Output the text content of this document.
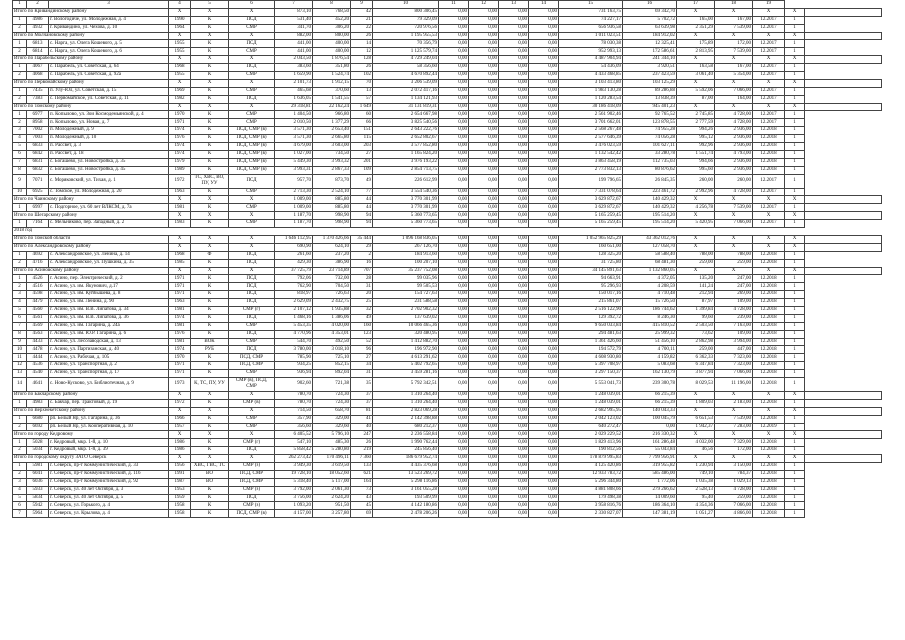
1	2	3	4	5	6	7	8	9	10	11	12	13	14	15	16	17	18	19		
Итого по Кривандинскому району			X	X	X	873,10	768,50	42	800 306,45	0,00	0,00	0,00	0,00	731 163,75	69 342,70	X	X	X	X	
1	4986	г. Вологодиче, ул. Молодежная, д. 4	1990	К	ПСД	531,40	452,20	21	79 329,09	0,00	0,00	0,00	0,00	74 227,17	5 702,72	165,00	167,00	12.2017	1	
2	4932	г. Кривандино, ул. Чехова, д. 10	1964	К	СМР	341,70	306,20	22	720 976,56	0,00	0,00	0,00	0,00	656 936,58	63 639,98	2 351,29	7 539,00	12.2017	1	
Итого по Молчановскому району			X	X	X	882,00	800,00	26	1 195 955,53	0,00	0,00	0,00	0,00	1 011 023,51	184 912,02	X	X	X	X	
1	6813	с. Нарга, ул. Олега Кошевого, д. 5	1955	К	ПСД	441,00	400,00	14	70 356,79	0,00	0,00	0,00	0,00	78 030,38	12 325,41	175,89	172,00	12.2017	1	
2	6814	с. Нарга, ул. Олега Кошевого, д. 6	1955	К	СМР	441,00	400,00	12	1 125 579,74	0,00	0,00	0,00	0,00	952 993,13	172 586,61	2 813,95	7 539,00	12.2017	1	
Итого по Парабельскому району			X	X	X	2 043,50	1 876,54	128	4 729 249,04	0,00	0,00	0,00	0,00	4 487 904,94	241 344,10	X	X	X	X	
1	4067	с. Парабель, ул. Советская, д. 64	1968	К	ПСД	383,60	351,80	26	58 356,60	0,00	0,00	0,00	0,00	54 436,09	3 920,51	163,58	167,00	12.2017	1	
2	4068	с. Парабель, ул. Советская, д. 92а	1955	К	СМР	1 659,90	1 524,74	102	4 670 892,44	0,00	0,00	0,00	0,00	4 433 468,85	237 423,59	3 061,40	5 354,00	12.2017	1	
Итого по Первомайскому району			X	X	X	2 101,73	1 912,15	70	3 206 539,09	0,00	0,00	0,00	0,00	3 103 413,80	103 125,29	X	X	X	X	
1	7435	п. Улу-Юл, ул. Советская, д. 15	1969	К	СМР	465,68	370,60	13	2 072 417,16	0,00	0,00	0,00	0,00	1 983 130,28	89 286,88	5 592,06	7 066,00	12.2017	1	
2	7383	с. Первомайское, ул. Советская, д. 11	1982	К	ПСД	1 636,05	1 541,55	57	1 134 121,93	0,00	0,00	0,00	0,00	1 120 283,54	13 838,39	87,00	164,00	12.2017	1	
Итого по Томскому району			X	X	X	29 318,81	22 162,24	1 649	31 131 819,31	0,00	0,00	0,00	0,00	30 186 418,09	945 401,23	X	X	X	X	
1	6977	п. Копылово, ул. Зои Космодемьянской, д. 4	1970	К	СМР	1 404,50	966,80	60	2 654 667,98	0,00	0,00	0,00	0,00	2 561 902,46	92 765,52	2 745,85	4 728,00	12.2017	1	
2	8958	п. Копылово, ул. Новая, д. 7	1971	К	СМР	2 010,50	1 377,29	66	3 825 540,56	0,00	0,00	0,00	0,00	3 701 662,01	123 878,55	2 777,59	4 728,00	12.2017	1	
3	7002	п. Молодежный, д. 9	1974	К	ПСД, СМР (в)	3 571,30	2 653,40	151	2 643 222,76	0,00	0,00	0,00	0,00	2 568 267,48	74 955,28	994,26	2 936,00	12.2018	1	
4	7003	п. Молодежный, д. 10	1976	К	ПСД, СМР (в)	3 571,30	2 665,80	115	2 652 802,67	0,00	0,00	0,00	0,00	2 577 646,39	74 056,28	995,12	2 936,00	12.2018	1	
5	6833	п. Рассвет, д. 3	1974	К	ПСД, СМР (в)	4 679,00	3 603,00	203	3 577 852,80	0,00	0,00	0,00	0,00	3 476 023,59	101 627,11	992,96	2 936,00	12.2018	1	
6	6842	п. Рассвет, д. 18	1974	К	ПСД, СМР (в)	1 027,00	734,50	27	1 165 824,20	0,00	0,00	0,00	0,00	1 132 542,42	33 280,78	1 551,74	4 793,00	12.2018	1	
7	6831	с. Богашево, ул. Новостройка, д. 35	1979	К	ПСД, СМР (в)	5 449,30	3 993,32	201	3 976 193,22	0,00	0,00	0,00	0,00	3 863 458,19	112 735,03	994,66	2 936,00	12.2018	1	
8	6832	с. Богашево, ул. Новостройка, д. 45	1989	К	ПСД, СМР (в)	3 993,31	2 867,33	109	2 854 713,75	0,00	0,00	0,00	0,00	2 773 832,13	80 876,62	995,60	2 936,00	12.2018	1	
9	7071	с. Моряковский, ул. Тихая, д. 1	1972	ТС, ХВС, ВО, ПУ, УУ	ПСД	957,70	873,70	49	226 612,99	0,00	0,00	0,00	0,00	199 796,65	26 845,35	260,00	260,00	12.2017	1	
10	6925	с. Томское, ул. Молодежная, д. 20	1963	К	СМР	2 713,30	2 524,10	77	3 554 540,36	0,00	0,00	0,00	0,00	7 331 078,64	223 461,72	2 992,96	4 728,00	12.2017	1	
Итого по Чаинскому району			X	X	X	1 009,00	885,80	44	3 770 301,99	0,00	0,00	0,00	0,00	3 629 872,67	140 429,32	X	X	X	X	
1	6997	с. Подгорное, ул. 60 лет ВЛКСМ, д. 7а	1981	К	СМР	1 009,00	885,80	44	3 770 301,99	0,00	0,00	0,00	0,00	3 629 872,67	140 429,32	4 256,78	7 539,00	12.2017	1	
Итого по Шегарскому району			X	X	X	1 187,70	998,90	94	5 360 773,65	0,00	0,00	0,00	0,00	5 165 259,45	195 514,20	X	X	X	X	
1	7164	с. Мельниково, пер. Западный, д. 2	1983	К	СМР	1 187,70	998,90	94	5 360 773,65	0,00	0,00	0,00	0,00	5 165 259,45	195 514,20	5 420,95	7 066,00	12.2017	1	
2018 год																				
Итого по Томской области			X	X	X	1 646 112,95	1 370 426,66	35 444	1 096 168 836,05	0,00	0,00	0,00	0,00	1 052 965 825,29	43 362 012,76	X	X	X	X	
Итого по Александровскому району			X	X	X	690,90	624,10	29	267 126,70	0,00	0,00	0,00	0,00	160 651,00	127 058,70	X	X	X	X	
1	4692	с. Александровское, ул. Ленина, д. 14	1968	Ф	ПСД	261,60	237,20	2	184 913,60	0,00	0,00	0,00	0,00	128 325,20	58 588,40	788,00	788,00	12.2018	1	
2	4716	с. Александровское, ул. Пушкина, д. 35	1985	К	ПСД	429,30	386,90	16	100 207,10	0,00	0,00	0,00	0,00	31 725,80	68 481,30	259,00	259,00	12.2018	1	
Итого по Асиновскому району			X	X	X	37 725,79	23 714,89	707	35 237 752,08	0,00	0,00	0,00	0,00	34 145 891,63	1 132 860,05	X	X	X	X	
1	4526	г. Асино, пер. Электрический, д. 2	1971	К	ПСД	792,06	732,00	28	99 035,96	0,00	0,00	0,00	0,00	94 663,91	4 372,05	135,20	247,00	12.2018	1	
2	4516	г. Асино, ул. им. Якунович, д.17	1971	К	ПСД	762,90	704,50	31	99 505,53	0,00	0,00	0,00	0,00	95 296,93	4 208,59	141,24	247,00	12.2018	1	
3	4598	г. Асино, ул. им. Куйбышева, д. 8	1971	К	ПСД	818,97	726,63	20	154 727,63	0,00	0,00	0,00	0,00	150 017,16	4 710,48	212,94	269,00	12.2018	1	
4	4479	г. Асино, ул. им. Ленина, д. 90	1963	К	ПСД	2 629,09	2 432,75	25	231 588,58	0,00	0,00	0,00	0,00	215 861,07	15 726,50	87,97	109,00	12.2018	1	
5	4560	г. Асино, ул. им. В.В. Липатова, д. 34	1981	К	СМР (г)	2 107,12	1 935,88	32	2 702 902,32	0,00	0,00	0,00	0,00	2 516 122,90	186 744,62	1 399,84	4 728,00	12.2018	1	
6	4561	г. Асино, ул. им. В.В. Липатова, д. 36	1974	К	ПСД	1 468,16	1 386,06	49	137 639,02	0,00	0,00	0,00	0,00	129 392,72	8 246,30	99,60	239,00	12.2018	1	
7	4569	г. Асино, ул. им. Гагарина, д. 24а	1981	К	СМР	5 453,35	4 020,00	160	10 066 465,36	0,00	0,00	0,00	0,00	9 650 033,84	415 810,52	2 503,50	7 163,00	12.2018	1	
8	4563	г. Асино, ул. им. Ю.Р. Гагарина, д. 6	1976	К	ПСД	4 770,96	4 353,01	123	320 480,95	0,00	0,00	0,00	0,00	294 481,63	25 999,32	73,62	109,00	12.2018	1	
9	4433	г. Асино, ул. Лесозаводская, д. 13	1981	ВОК	СМР	544,70	492,50	52	1 412 882,70	0,00	0,00	0,00	0,00	1 361 426,60	51 456,10	2 862,98	3 994,00	12.2018	1	
10	4478	г. Асино, ул. Партизанская, д. 40	1974	РУБ	ПСД	3 780,00	3 018,10	96	196 972,90	0,00	0,00	0,00	0,00	194 572,79	4 700,11	259,00	447,00	12.2018	1	
11	4444	г. Асино, ул. Рабочая, д. 105	1970	К	ПСД, СМР	785,90	725,10	27	4 613 291,62	0,00	0,00	0,00	0,00	4 608 930,80	4 159,82	6 362,33	7 323,00	12.2018	1	
12	4536	г. Асино, ул. Транспортная, д. 2	1971	К	ПСД, СМР	934,25	852,15	34	5 402 792,65	0,00	0,00	0,00	0,00	5 397 708,97	5 083,68	6 347,84	7 323,00	12.2018	1	
13	4540	г. Асино, ул. Транспортная, д. 17	1971	К	СМР	936,94	892,04	31	3 459 281,16	0,00	0,00	0,00	0,00	3 297 150,37	162 130,79	3 877,94	7 066,00	12.2018	1	
14	4641	с. Ново-Кусково, ул. Библиотечная, д. 9	1973	К, ТС, ПУ, УУ	СМР (в), ПСД, СМР	902,60	721,38	35	5 792 342,51	0,00	0,00	0,00	0,00	5 553 041,73	239 300,78	8 029,53	11 196,00	12.2018	1	
Итого по Бакчарскому району			X	X	X	780,70	724,30	37	1 310 264,40	0,00	0,00	0,00	0,00	1 248 039,01	66 215,39	X	X	X	X	
1	4983	с. Бакчар, пер. Трактовый, д. 19	1972	К	СМР (в)	780,70	724,30	37	1 310 264,40	0,00	0,00	0,00	0,00	1 248 039,01	66 215,39	1 809,03	2 183,00	12.2018	1	
Итого по Верхнекетскому району			X	X	X	714,50	658,70	81	2 823 069,28	0,00	0,00	0,00	0,00	2 682 995,95	140 043,33	X	X	X	X	
1	6680	рп. Белый Яр, ул. Гагарина, д. 36	1966	К	СМР	357,90	329,00	41	2 142 398,88	0,00	0,00	0,00	0,00	2 042 123,02	100 045,79	6 651,53	7 539,00	12.2018	1	
2	6692	рп. Белый Яр, ул. Кооперативная, д. 10	1957	К	СМР	356,60	329,60	40	680 212,37	0,00	0,00	0,00	0,00	640 272,47	0,00	1 942,37	7 283,00	12.2019	1	
Итого по городу Кедровому			X	X	X	6 405,52	5 796,10	247	2 236 558,84	0,00	0,00	0,00	0,00	2 029 229,52	216 330,32	X	X	X	X	
1	5028	г. Кедровый, мкр. 1-й, д. 10	1986	К	СМР (г)	547,10	485,30	26	1 990 762,44	0,00	0,00	0,00	0,00	1 829 413,96	161 286,48	4 032,00	7 329,00	12.2018	1	
2	5034	г. Кедровый, мкр. 1-й, д. 39	1986	К	ПСД	5 858,42	5 280,80	219	245 856,40	0,00	0,00	0,00	0,00	190 812,56	55 043,84	46,56	172,00	12.2018	1	
Итого по городскому округу ЗАТО Северск			X	X	X	262 273,42	170 496,11	7 360	186 679 952,74	0,00	0,00	0,00	0,00	178 879 995,83	7 799 956,91	X	X	X	X	
1	5981	г. Северск, пр-т Коммунистический, д. 33	1956	ХВС, ГВС, ТС	СМР (з)	3 949,30	3 619,50	133	4 435 376,68	0,00	0,00	0,00	0,00	4 125 420,86	319 955,82	1 230,94	3 150,00	12.2018	1	
2	6041	г. Северск, пр-т Коммунистический, д. 116	1991	ВО	ПСД, СМР	19 728,10	18 052,60	621	13 523 269,72	0,00	0,00	0,00	0,00	12 933 783,72	585 486,00	749,10	784,37	12.2018	1	
3	6036	г. Северск, пр-т Коммунистический, д. 92	1987	ВО	ПСД, СМР	5 318,40	5 117,00	164	5 298 116,86	0,00	0,00	0,00	0,00	5 296 344,80	1 772,06	1 035,38	1 029,13	12.2018	1	
4	5933	г. Северск, ул. 40 лет Октября, д. 3	1953	К	СМР (з)	3 792,00	2 061,30	73	3 161 055,28	0,00	0,00	0,00	0,00	4 881 808,66	279 266,62	2 528,13	4 728,00	12.2018	1	
5	5834	г. Северск, ул. 40 лет Октября, д. 5	1959	К	ПСД	3 756,00	2 624,20	43	193 509,99	0,00	0,00	0,00	0,00	179 498,38	14 009,60	95,40	259,00	12.2018	1	
6	5942	г. Северск, ул. Горького, д. 4	1958	К	СМР (з)	1 093,20	951,50	45	4 142 180,86	0,00	0,00	0,00	0,00	3 958 816,76	186 364,10	4 354,36	7 066,00	12.2018	1	
7	5964	г. Северск, ул. Крылова, д. 4	1958	К	ПСД, СМР (в)	4 157,00	3 257,80	69	2 478 206,26	0,00	0,00	0,00	0,00	2 330 827,07	147 381,19	1 051,27	4 866,00	12.2018	1	
